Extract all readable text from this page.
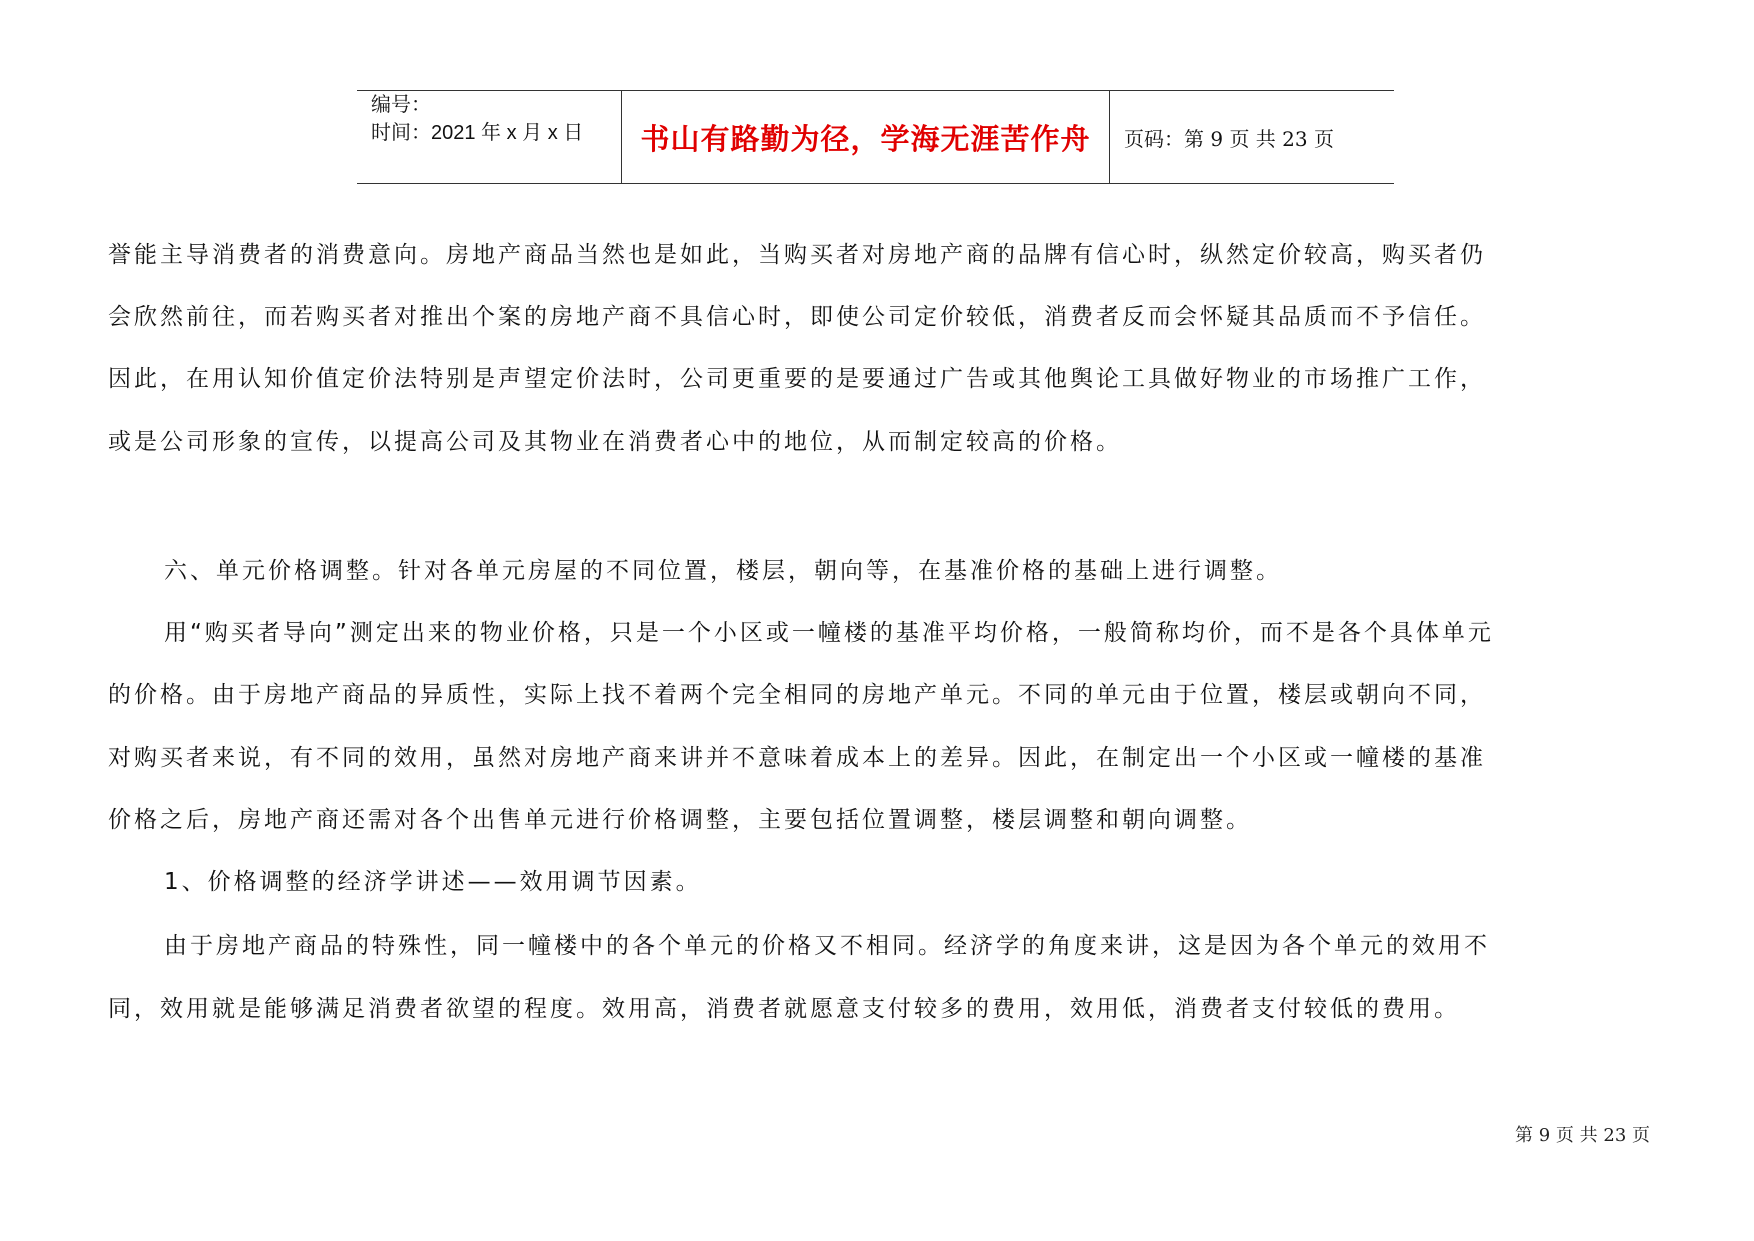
编号：
时间：2021 年 x 月 x 日 书山有路勤为径，学海无涯苦作舟 页码：第 9 页 共 23 页
誉能主导消费者的消费意向。房地产商品当然也是如此，当购买者对房地产商的品牌有信心时，纵然定价较高，购买者仍
会欣然前往，而若购买者对推出个案的房地产商不具信心时，即使公司定价较低，消费者反而会怀疑其品质而不予信任。
因此，在用认知价值定价法特别是声望定价法时，公司更重要的是要通过广告或其他舆论工具做好物业的市场推广工作，
或是公司形象的宣传，以提高公司及其物业在消费者心中的地位，从而制定较高的价格。
六、单元价格调整。针对各单元房屋的不同位置，楼层，朝向等，在基准价格的基础上进行调整。
用“购买者导向”测定出来的物业价格，只是一个小区或一幢楼的基准平均价格，一般简称均价，而不是各个具体单元
的价格。由于房地产商品的异质性，实际上找不着两个完全相同的房地产单元。不同的单元由于位置，楼层或朝向不同，
对购买者来说，有不同的效用，虽然对房地产商来讲并不意味着成本上的差异。因此，在制定出一个小区或一幢楼的基准
价格之后，房地产商还需对各个出售单元进行价格调整，主要包括位置调整，楼层调整和朝向调整。
1、价格调整的经济学讲述——效用调节因素。
由于房地产商品的特殊性，同一幢楼中的各个单元的价格又不相同。经济学的角度来讲，这是因为各个单元的效用不
同，效用就是能够满足消费者欲望的程度。效用高，消费者就愿意支付较多的费用，效用低，消费者支付较低的费用。
第 9 页 共 23 页
